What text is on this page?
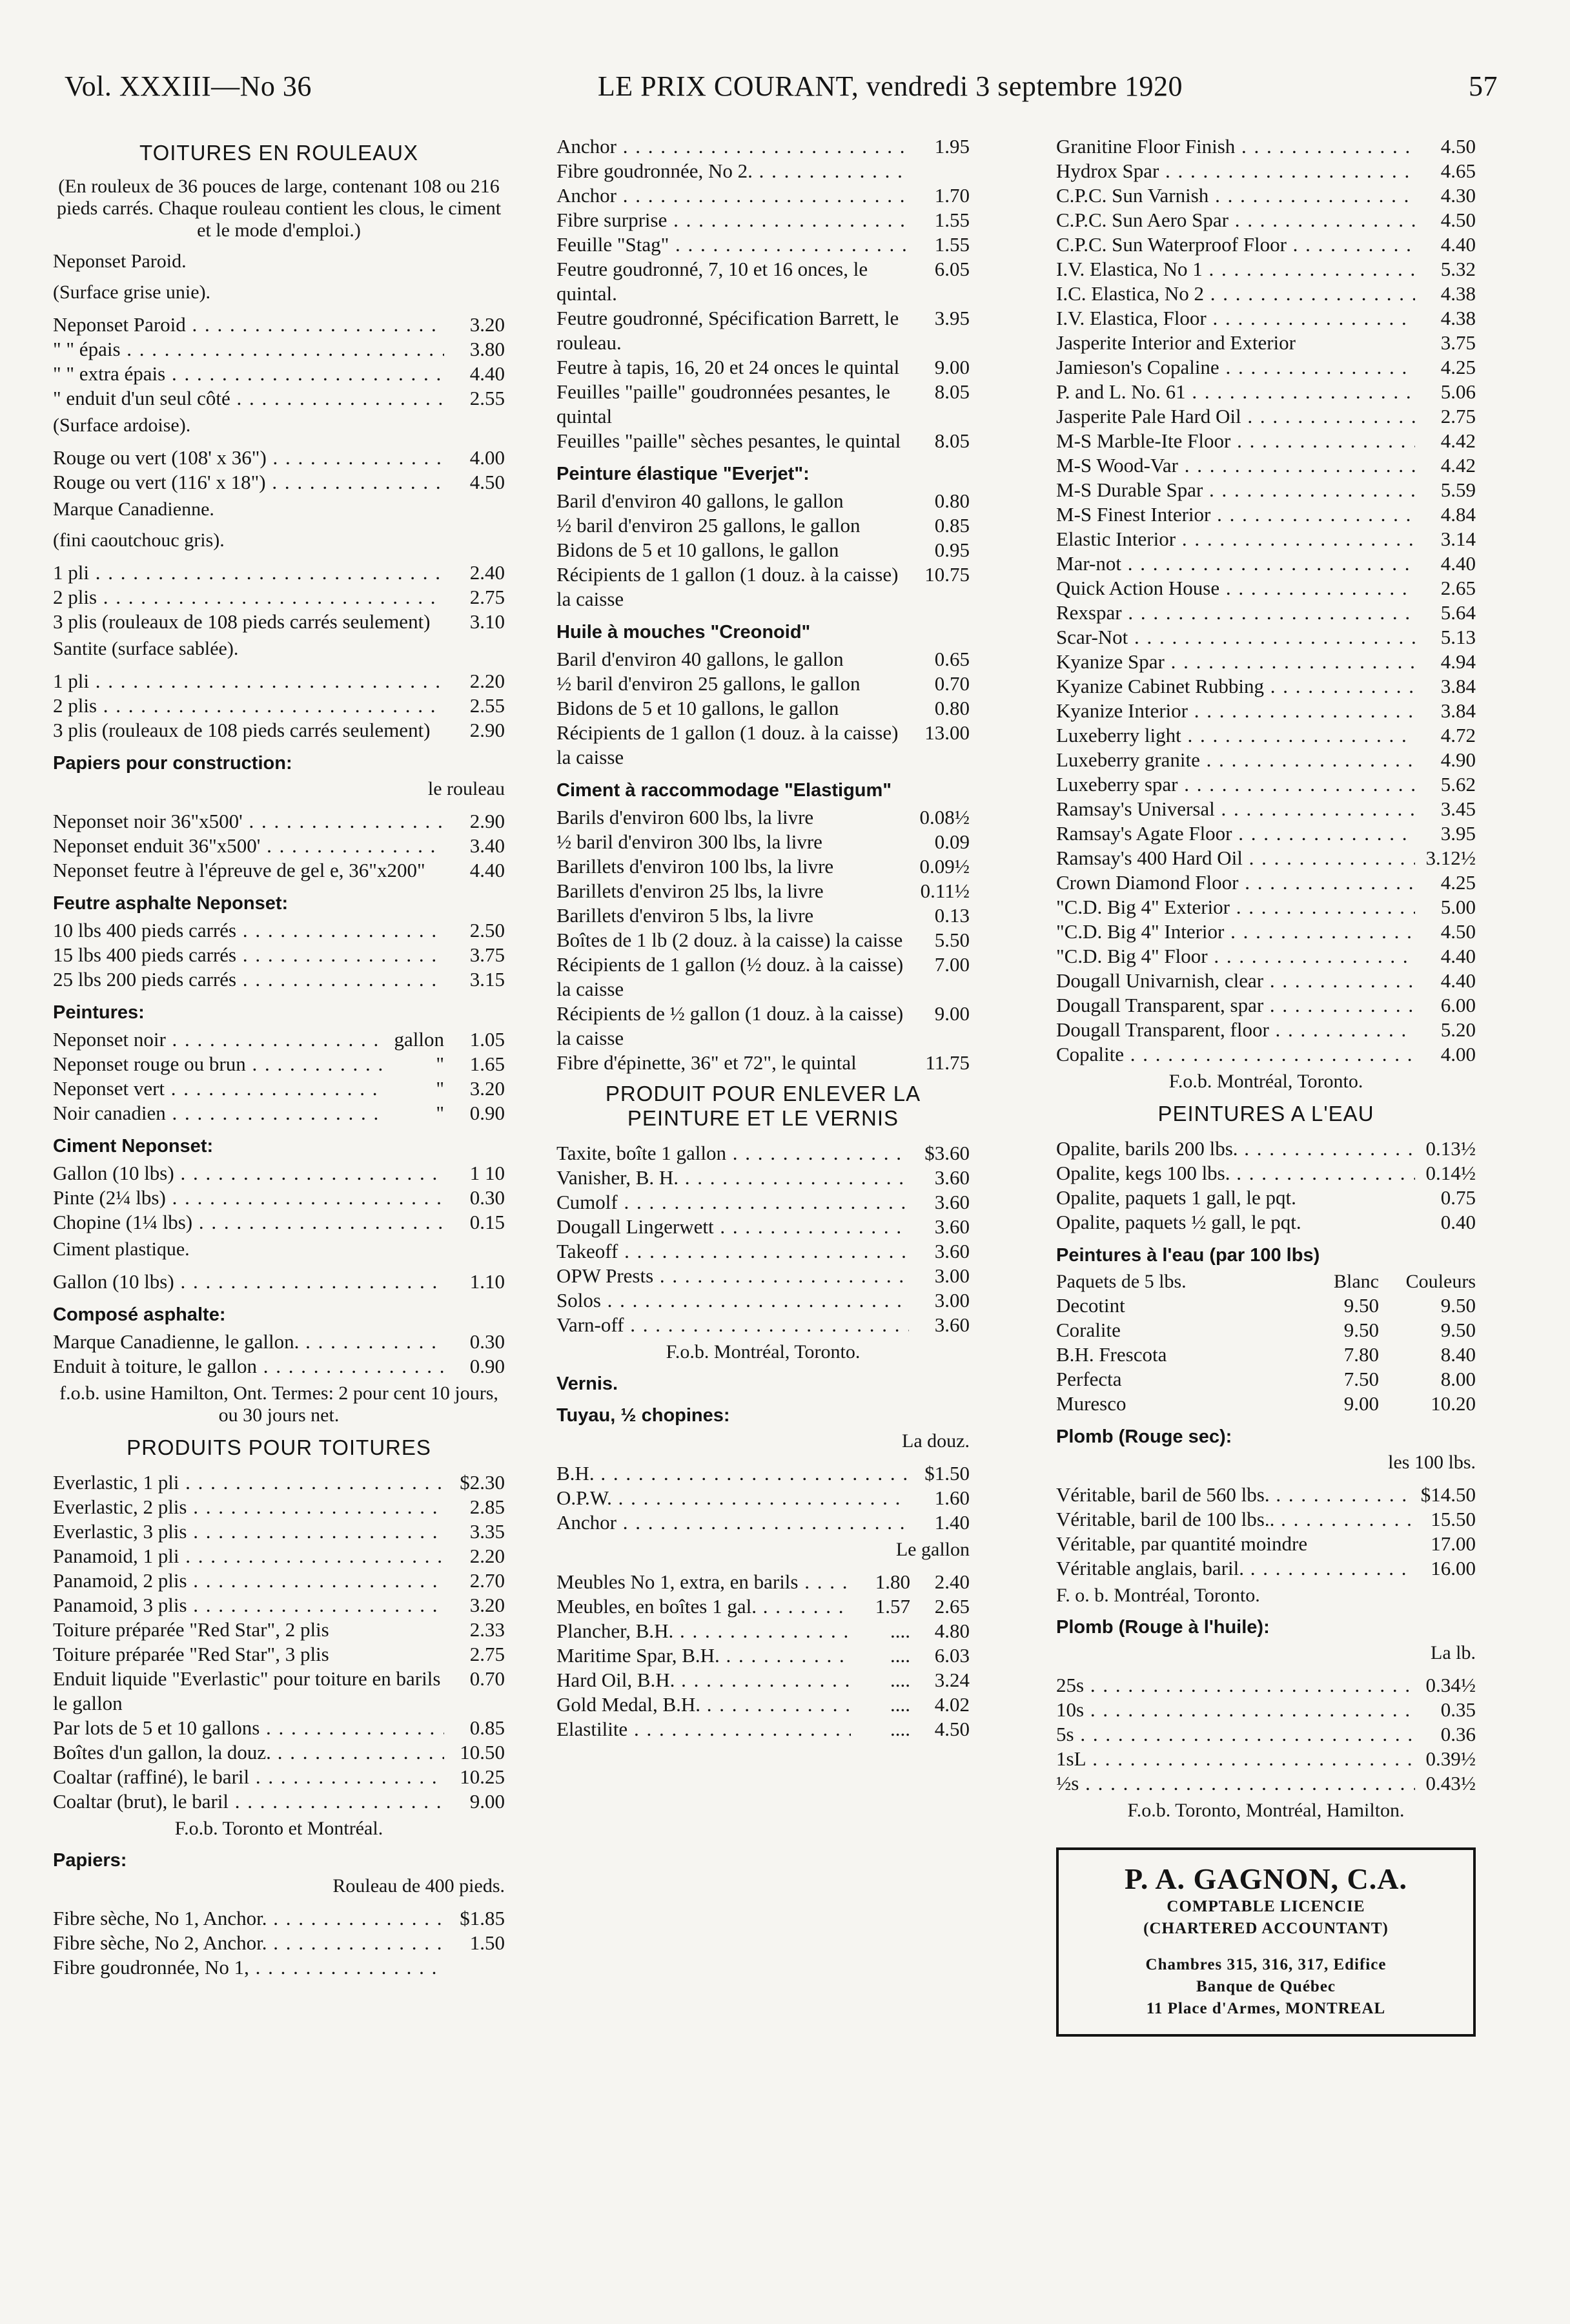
Vol. XXXIII—No 36	LE PRIX COURANT, vendredi 3 septembre 1920	57
TOITURES EN ROULEAUX
(En rouleux de 36 pouces de large, contenant 108 ou 216 pieds carrés. Chaque rouleau contient les clous, le ciment et le mode d'emploi.)
Neponset Paroid.
(Surface grise unie).
Neponset Paroid . . .	3.20
" " épais . . .	3.80
" " extra épais . . .	4.40
" enduit d'un seul côté . . .	2.55
(Surface ardoise).
Rouge ou vert (108' x 36") . . .	4.00
Rouge ou vert (116' x 18") . . .	4.50
Marque Canadienne.
(fini caoutchouc gris).
1 pli . . .	2.40
2 plis . . .	2.75
3 plis (rouleaux de 108 pieds carrés seulement)	3.10
Santite (surface sablée).
1 pli . . .	2.20
2 plis . . .	2.55
3 plis (rouleaux de 108 pieds carrés seulement)	2.90
Papiers pour construction:
le rouleau
Neponset noir 36"x500' . . .	2.90
Neponset enduit 36"x500' . . .	3.40
Neponset feutre à l'épreuve de gel e, 36"x200"	4.40
Feutre asphalte Neponset:
10 lbs 400 pieds carrés . . .	2.50
15 lbs 400 pieds carrés . . .	3.75
25 lbs 200 pieds carrés . . .	3.15
Peintures:
Neponset noir . . .	gallon	1.05
Neponset rouge ou brun . . .	"	1.65
Neponset vert . . .	"	3.20
Noir canadien . . .	"	0.90
Ciment Neponset:
Gallon (10 lbs) . . .	1 10
Pinte (2¼ lbs) . . .	0.30
Chopine (1¼ lbs) . . .	0.15
Ciment plastique.
Gallon (10 lbs) . . .	1.10
Composé asphalte:
Marque Canadienne, le gallon. . . .	0.30
Enduit à toiture, le gallon . . .	0.90
f.o.b. usine Hamilton, Ont. Termes: 2 pour cent 10 jours, ou 30 jours net.
PRODUITS POUR TOITURES
Everlastic, 1 pli . . .	$2.30
Everlastic, 2 plis . . .	2.85
Everlastic, 3 plis . . .	3.35
Panamoid, 1 pli . . .	2.20
Panamoid, 2 plis . . .	2.70
Panamoid, 3 plis . . .	3.20
Toiture préparée "Red Star", 2 plis	2.33
Toiture préparée "Red Star", 3 plis	2.75
Enduit liquide "Everlastic" pour toiture en barils le gallon
0.70
Par lots de 5 et 10 gallons . . .	0.85
Boîtes d'un gallon, la douz. . . .	10.50
Coaltar (raffiné), le baril . . .	10.25
Coaltar (brut), le baril . . .	9.00
F.o.b. Toronto et Montréal.
Papiers:
Rouleau de 400 pieds.
Fibre sèche, No 1, Anchor. . . .	$1.85
Fibre sèche, No 2, Anchor. . . .	1.50
Fibre goudronnée, No 1, . . .
Anchor . . .	1.95
Fibre goudronnée, No 2. . . .
Anchor . . .	1.70
Fibre surprise . . .	1.55
Feuille "Stag" . . .	1.55
Feutre goudronné, 7, 10 et 16 onces, le quintal.
6.05
Feutre goudronné, Spécification Barrett, le rouleau.
3.95
Feutre à tapis, 16, 20 et 24 onces le quintal	9.00
Feuilles "paille" goudronnées pesantes, le quintal
8.05
Feuilles "paille" sèches pesantes, le quintal	8.05
Peinture élastique "Everjet":
Baril d'environ 40 gallons, le gallon	0.80
½ baril d'environ 25 gallons, le gallon	0.85
Bidons de 5 et 10 gallons, le gallon	0.95
Récipients de 1 gallon (1 douz. à la caisse) la caisse
10.75
Huile à mouches "Creonoid"
Baril d'environ 40 gallons, le gallon	0.65
½ baril d'environ 25 gallons, le gallon	0.70
Bidons de 5 et 10 gallons, le gallon	0.80
Récipients de 1 gallon (1 douz. à la caisse) la caisse
13.00
Ciment à raccommodage "Elastigum"
Barils d'environ 600 lbs, la livre	0.08½
½ baril d'environ 300 lbs, la livre	0.09
Barillets d'environ 100 lbs, la livre	0.09½
Barillets d'environ 25 lbs, la livre	0.11½
Barillets d'environ 5 lbs, la livre	0.13
Boîtes de 1 lb (2 douz. à la caisse) la caisse	5.50
Récipients de 1 gallon (½ douz. à la caisse) la caisse
7.00
Récipients de ½ gallon (1 douz. à la caisse) la caisse
9.00
Fibre d'épinette, 36" et 72", le quintal	11.75
PRODUIT POUR ENLEVER LA PEINTURE ET LE VERNIS
Taxite, boîte 1 gallon . . .	$3.60
Vanisher, B. H. . . .	3.60
Cumolf . . .	3.60
Dougall Lingerwett . . .	3.60
Takeoff . . .	3.60
OPW Prests . . .	3.00
Solos . . .	3.00
Varn-off . . .	3.60
F.o.b. Montréal, Toronto.
Vernis.
Tuyau, ½ chopines:
La douz.
B.H. . . .	$1.50
O.P.W. . . .	1.60
Anchor . . .	1.40
Le gallon
Meubles No 1, extra, en barils . . .	1.80	2.40
Meubles, en boîtes 1 gal. . . .	1.57	2.65
Plancher, B.H. . . .	....	4.80
Maritime Spar, B.H. . . .	....	6.03
Hard Oil, B.H. . . .	....	3.24
Gold Medal, B.H. . . .	....	4.02
Elastilite . . .	....	4.50
Granitine Floor Finish . . .	4.50
Hydrox Spar . . .	4.65
C.P.C. Sun Varnish . . .	4.30
C.P.C. Sun Aero Spar . . .	4.50
C.P.C. Sun Waterproof Floor . . .	4.40
I.V. Elastica, No 1 . . .	5.32
I.C. Elastica, No 2 . . .	4.38
I.V. Elastica, Floor . . .	4.38
Jasperite Interior and Exterior	3.75
Jamieson's Copaline . . .	4.25
P. and L. No. 61 . . .	5.06
Jasperite Pale Hard Oil . . .	2.75
M-S Marble-Ite Floor . . .	4.42
M-S Wood-Var . . .	4.42
M-S Durable Spar . . .	5.59
M-S Finest Interior . . .	4.84
Elastic Interior . . .	3.14
Mar-not . . .	4.40
Quick Action House . . .	2.65
Rexspar . . .	5.64
Scar-Not . . .	5.13
Kyanize Spar . . .	4.94
Kyanize Cabinet Rubbing . . .	3.84
Kyanize Interior . . .	3.84
Luxeberry light . . .	4.72
Luxeberry granite . . .	4.90
Luxeberry spar . . .	5.62
Ramsay's Universal . . .	3.45
Ramsay's Agate Floor . . .	3.95
Ramsay's 400 Hard Oil . . .	3.12½
Crown Diamond Floor . . .	4.25
"C.D. Big 4" Exterior . . .	5.00
"C.D. Big 4" Interior . . .	4.50
"C.D. Big 4" Floor . . .	4.40
Dougall Univarnish, clear . . .	4.40
Dougall Transparent, spar . . .	6.00
Dougall Transparent, floor . . .	5.20
Copalite . . .	4.00
F.o.b. Montréal, Toronto.
PEINTURES A L'EAU
Opalite, barils 200 lbs. . . .	0.13½
Opalite, kegs 100 lbs. . . .	0.14½
Opalite, paquets 1 gall, le pqt.	0.75
Opalite, paquets ½ gall, le pqt.	0.40
Peintures à l'eau (par 100 lbs)
Paquets de 5 lbs.	Blanc	Couleurs
Decotint	9.50	9.50
Coralite	9.50	9.50
B.H. Frescota	7.80	8.40
Perfecta	7.50	8.00
Muresco	9.00	10.20
Plomb (Rouge sec):
les 100 lbs.
Véritable, baril de 560 lbs. . . .	$14.50
Véritable, baril de 100 lbs.. . . .	15.50
Véritable, par quantité moindre	17.00
Véritable anglais, baril. . . .	16.00
F. o. b. Montréal, Toronto.
Plomb (Rouge à l'huile):
La lb.
25s . . .	0.34½
10s . . .	0.35
5s . . .	0.36
1sL . . .	0.39½
½s . . .	0.43½
F.o.b. Toronto, Montréal, Hamilton.
P. A. GAGNON, C.A.
COMPTABLE LICENCIE
(CHARTERED ACCOUNTANT)
Chambres 315, 316, 317, Edifice
Banque de Québec
11 Place d'Armes, MONTREAL
